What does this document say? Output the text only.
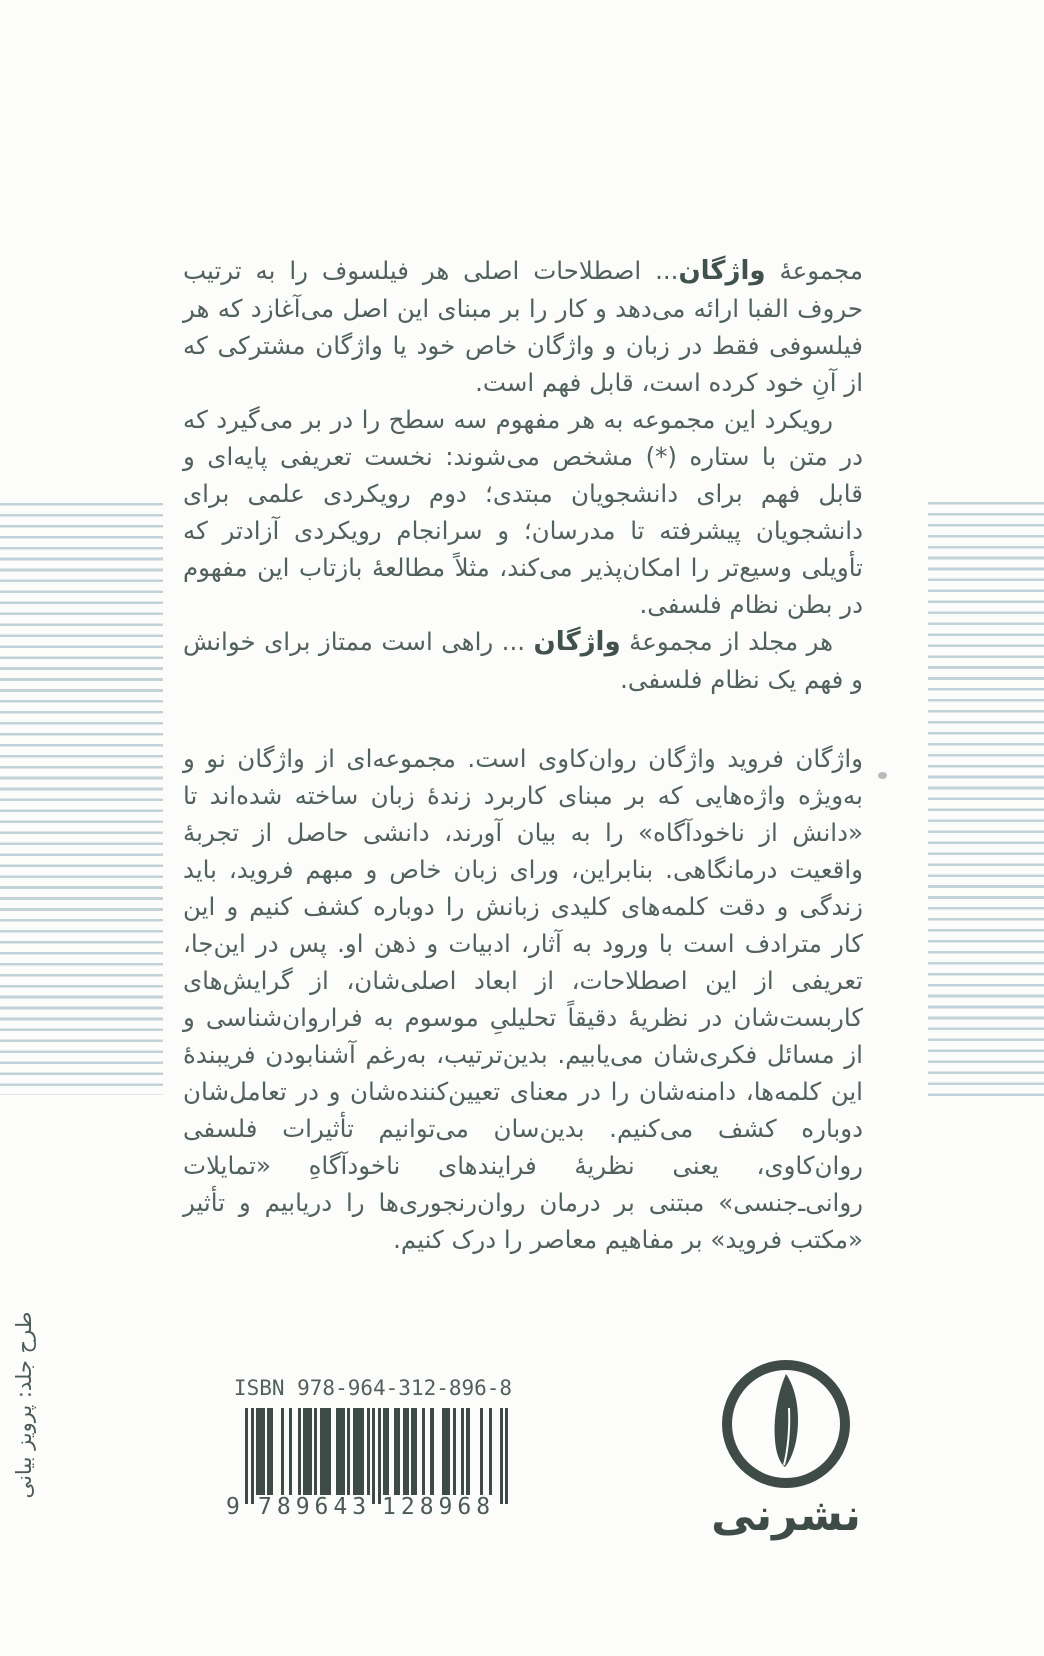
مجموعهٔ واژگان... اصطلاحات اصلی هر فیلسوف را به ترتیب حروف الفبا ارائه می‌دهد و کار را بر مبنای این اصل می‌آغازد که هر فیلسوفی فقط در زبان و واژگان خاص خود یا واژگان مشترکی که از آنِ خود کرده است، قابل فهم است.

رویکرد این مجموعه به هر مفهوم سه سطح را در بر می‌گیرد که در متن با ستاره (*) مشخص می‌شوند: نخست تعریفی پایه‌ای و قابل فهم برای دانشجویان مبتدی؛ دوم رویکردی علمی برای دانشجویان پیشرفته تا مدرسان؛ و سرانجام رویکردی آزادتر که تأویلی وسیع‌تر را امکان‌پذیر می‌کند، مثلاً مطالعهٔ بازتاب این مفهوم در بطن نظام فلسفی.

هر مجلد از مجموعهٔ واژگان ... راهی است ممتاز برای خوانش و فهم یک نظام فلسفی.

واژگان فروید واژگان روان‌کاوی است. مجموعه‌ای از واژگان نو و به‌ویژه واژه‌هایی که بر مبنای کاربرد زندهٔ زبان ساخته شده‌اند تا «دانش از ناخودآگاه» را به بیان آورند، دانشی حاصل از تجربهٔ واقعیت درمانگاهی. بنابراین، ورای زبان خاص و مبهم فروید، باید زندگی و دقت کلمه‌های کلیدی زبانش را دوباره کشف کنیم و این کار مترادف است با ورود به آثار، ادبیات و ذهن او. پس در این‌جا، تعریفی از این اصطلاحات، از ابعاد اصلی‌شان، از گرایش‌های کاربست‌شان در نظریهٔ دقیقاً تحلیلیِ موسوم به فراروان‌شناسی و از مسائل فکری‌شان می‌یابیم. بدین‌ترتیب، به‌رغم آشنابودن فریبندهٔ این کلمه‌ها، دامنه‌شان را در معنای تعیین‌کننده‌شان و در تعامل‌شان دوباره کشف می‌کنیم. بدین‌سان می‌توانیم تأثیرات فلسفی روان‌کاوی، یعنی نظریهٔ فرایندهای ناخودآگاهِ «تمایلات روانی‌ـ‌جنسی» مبتنی بر درمان روان‌رنجوری‌ها را دریابیم و تأثیر «مکتب فروید» بر مفاهیم معاصر را درک کنیم.

طرح جلد: پرویز بیانی	ISBN 978-964-312-896-8
9 789643 128968	نشرنی
